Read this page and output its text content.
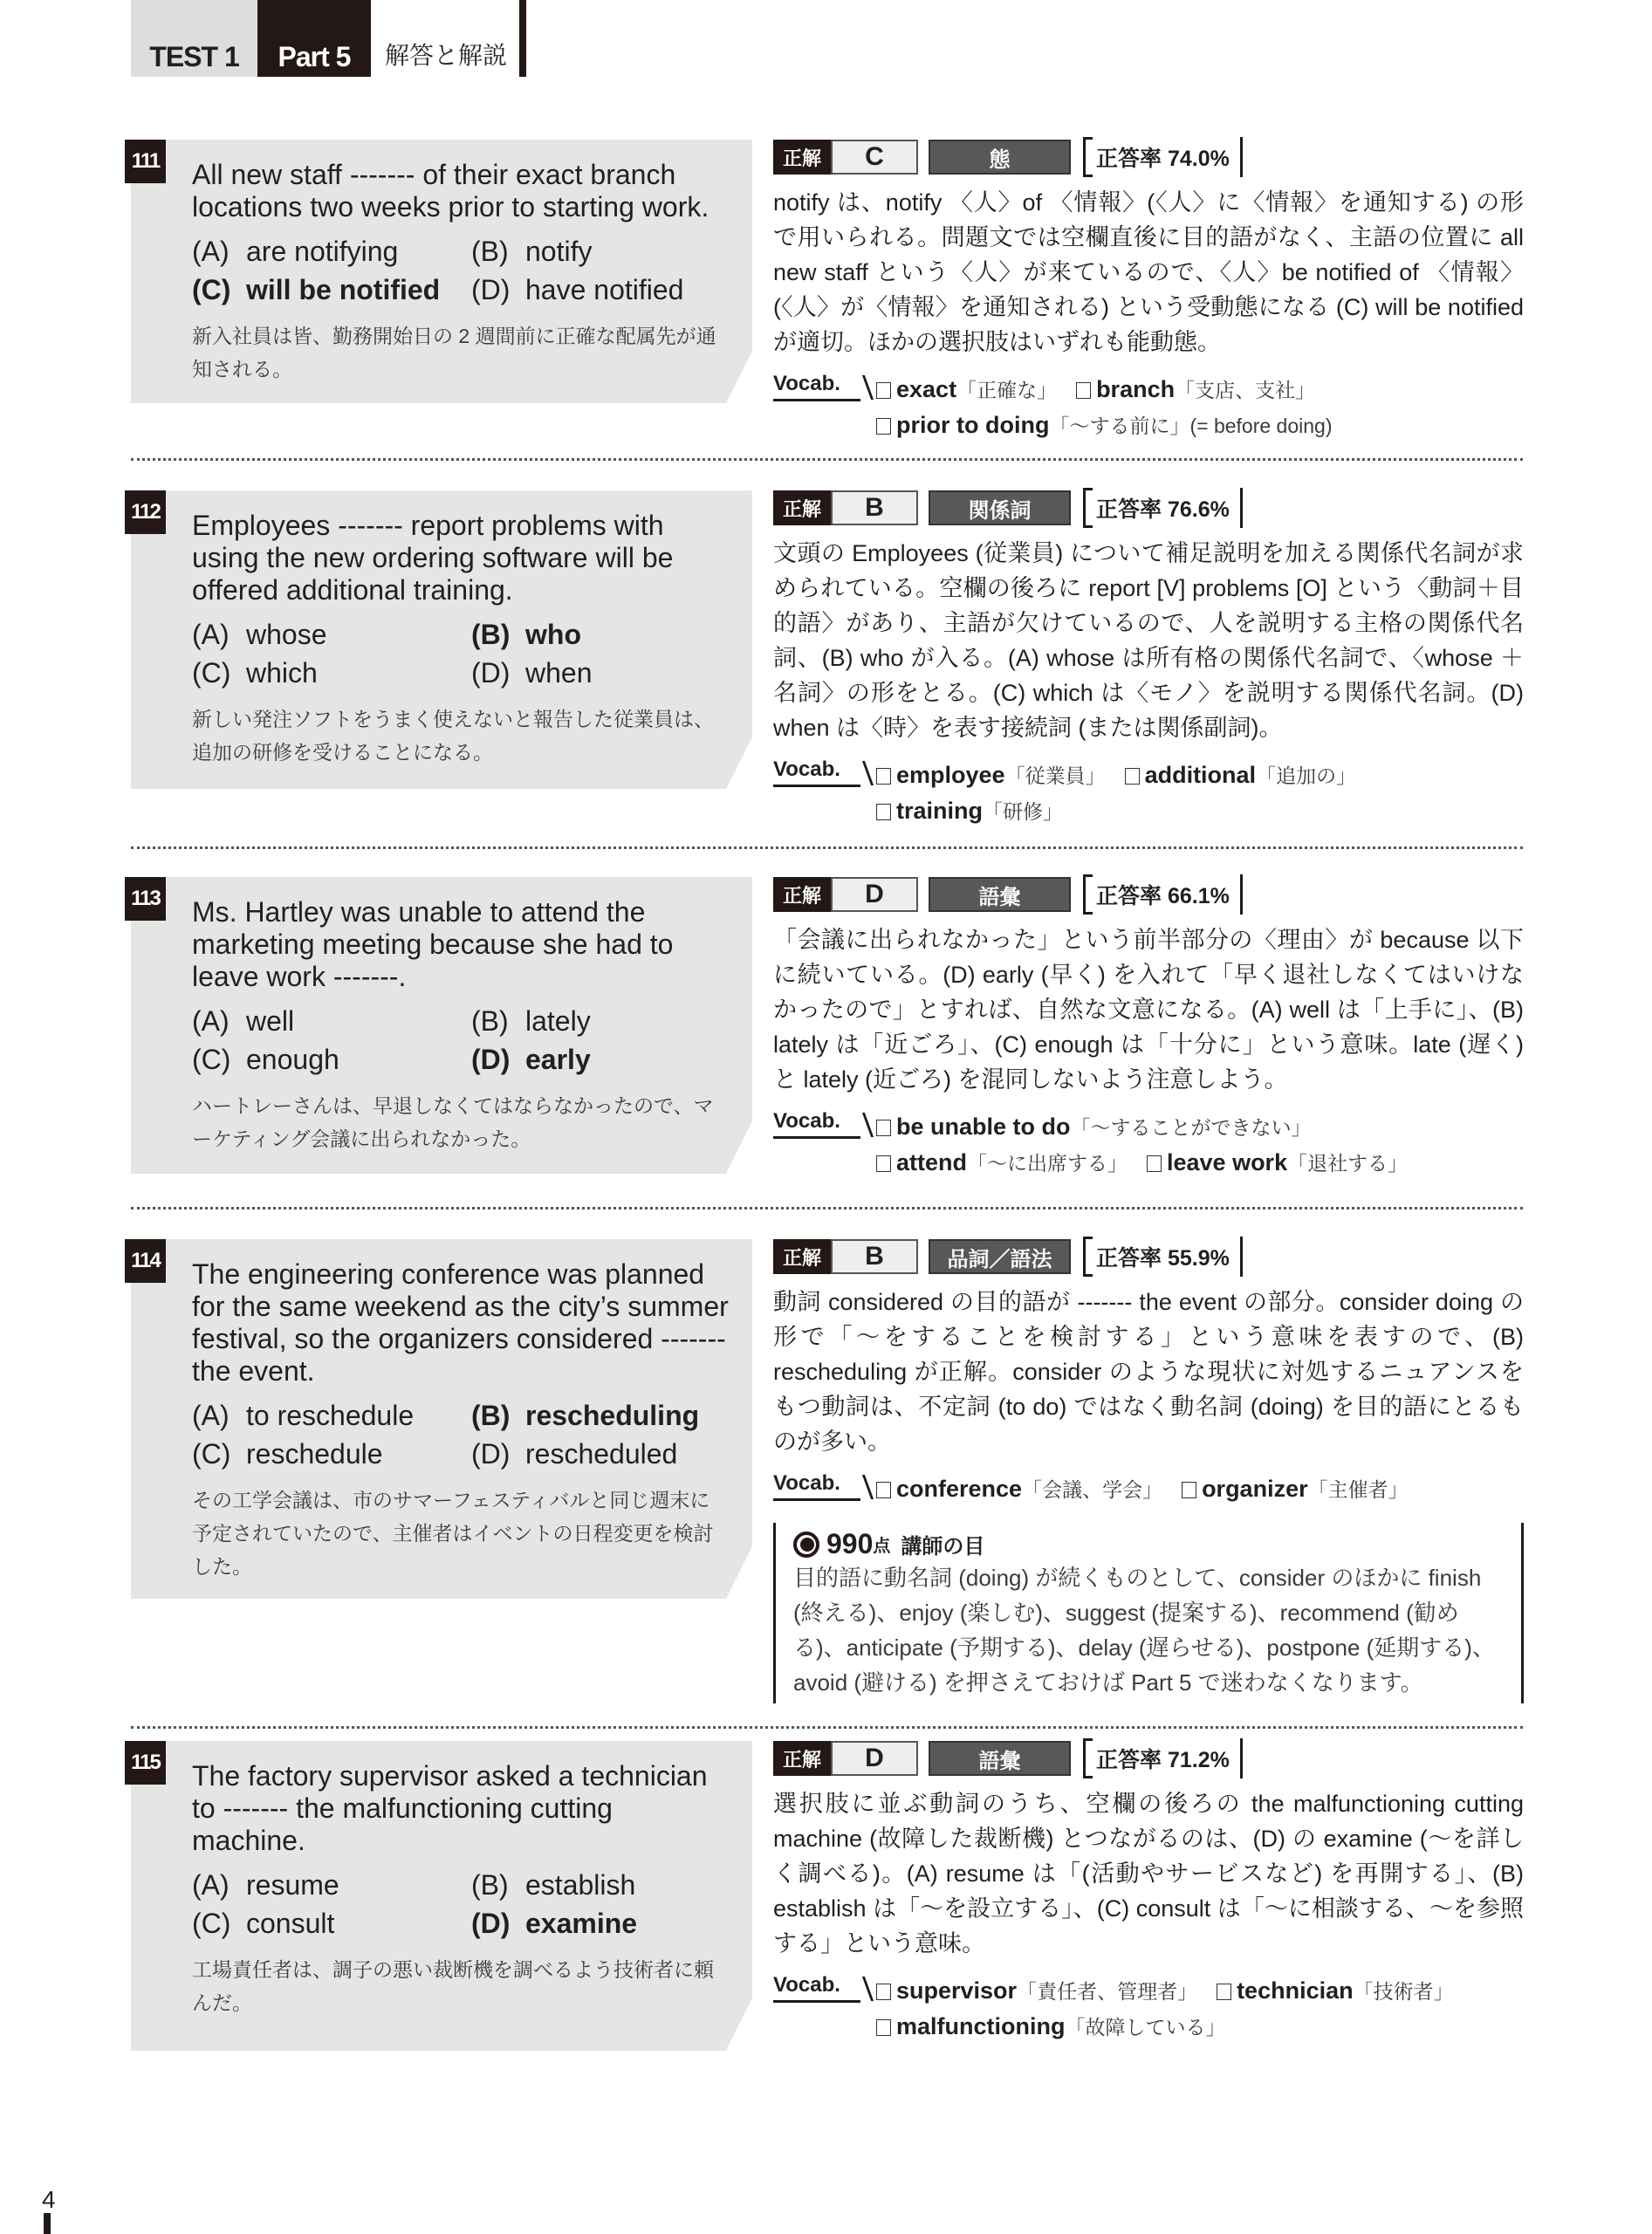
TEST 1	Part 5	解答と解説
111 All new staff ------- of their exact branch locations two weeks prior to starting work.
(A) are notifying	(B) notify
(C) will be notified	(D) have notified
新入社員は皆、勤務開始日の 2 週間前に正確な配属先が通知される。
正解	C	態	正答率 74.0%
notify は、notify 〈人〉of 〈情報〉(〈人〉に〈情報〉を通知する) の形で用いられる。問題文では空欄直後に目的語がなく、主語の位置に all new staff という〈人〉が来ているので、〈人〉be notified of 〈情報〉(〈人〉が〈情報〉を通知される) という受動態になる (C) will be notified が適切。ほかの選択肢はいずれも能動態。
Vocab.	exact「正確な」 branch「支店、支社」
prior to doing「～する前に」(= before doing)
112 Employees ------- report problems with using the new ordering software will be offered additional training.
(A) whose	(B) who
(C) which	(D) when
新しい発注ソフトをうまく使えないと報告した従業員は、追加の研修を受けることになる。
正解	B	関係詞	正答率 76.6%
文頭の Employees (従業員) について補足説明を加える関係代名詞が求められている。空欄の後ろに report [V] problems [O] という〈動詞＋目的語〉があり、主語が欠けているので、人を説明する主格の関係代名詞、(B) who が入る。(A) whose は所有格の関係代名詞で、〈whose ＋名詞〉の形をとる。(C) which は〈モノ〉を説明する関係代名詞。(D) when は〈時〉を表す接続詞 (または関係副詞)。
Vocab.	employee「従業員」 additional「追加の」
training「研修」
113 Ms. Hartley was unable to attend the marketing meeting because she had to leave work -------.
(A) well	(B) lately
(C) enough	(D) early
ハートレーさんは、早退しなくてはならなかったので、マーケティング会議に出られなかった。
正解	D	語彙	正答率 66.1%
「会議に出られなかった」という前半部分の〈理由〉が because 以下に続いている。(D) early (早く) を入れて「早く退社しなくてはいけなかったので」とすれば、自然な文意になる。(A) well は「上手に」、(B) lately は「近ごろ」、(C) enough は「十分に」という意味。late (遅く) と lately (近ごろ) を混同しないよう注意しよう。
Vocab.	be unable to do「～することができない」
attend「～に出席する」 leave work「退社する」
114 The engineering conference was planned for the same weekend as the city’s summer festival, so the organizers considered ------- the event.
(A) to reschedule	(B) rescheduling
(C) reschedule	(D) rescheduled
その工学会議は、市のサマーフェスティバルと同じ週末に予定されていたので、主催者はイベントの日程変更を検討した。
正解	B	品詞／語法	正答率 55.9%
動詞 considered の目的語が ------- the event の部分。consider doing の形で「～をすることを検討する」という意味を表すので、(B) rescheduling が正解。consider のような現状に対処するニュアンスをもつ動詞は、不定詞 (to do) ではなく動名詞 (doing) を目的語にとるものが多い。
Vocab.	conference「会議、学会」 organizer「主催者」
990 点 講師の目
目的語に動名詞 (doing) が続くものとして、consider のほかに finish (終える)、enjoy (楽しむ)、suggest (提案する)、recommend (勧める)、anticipate (予期する)、delay (遅らせる)、postpone (延期する)、avoid (避ける) を押さえておけば Part 5 で迷わなくなります。
115 The factory supervisor asked a technician to ------- the malfunctioning cutting machine.
(A) resume	(B) establish
(C) consult	(D) examine
工場責任者は、調子の悪い裁断機を調べるよう技術者に頼んだ。
正解	D	語彙	正答率 71.2%
選択肢に並ぶ動詞のうち、空欄の後ろの the malfunctioning cutting machine (故障した裁断機) とつながるのは、(D) の examine (～を詳しく調べる)。(A) resume は「(活動やサービスなど) を再開する」、(B) establish は「～を設立する」、(C) consult は「～に相談する、～を参照する」という意味。
Vocab.	supervisor「責任者、管理者」 technician「技術者」
malfunctioning「故障している」
4
